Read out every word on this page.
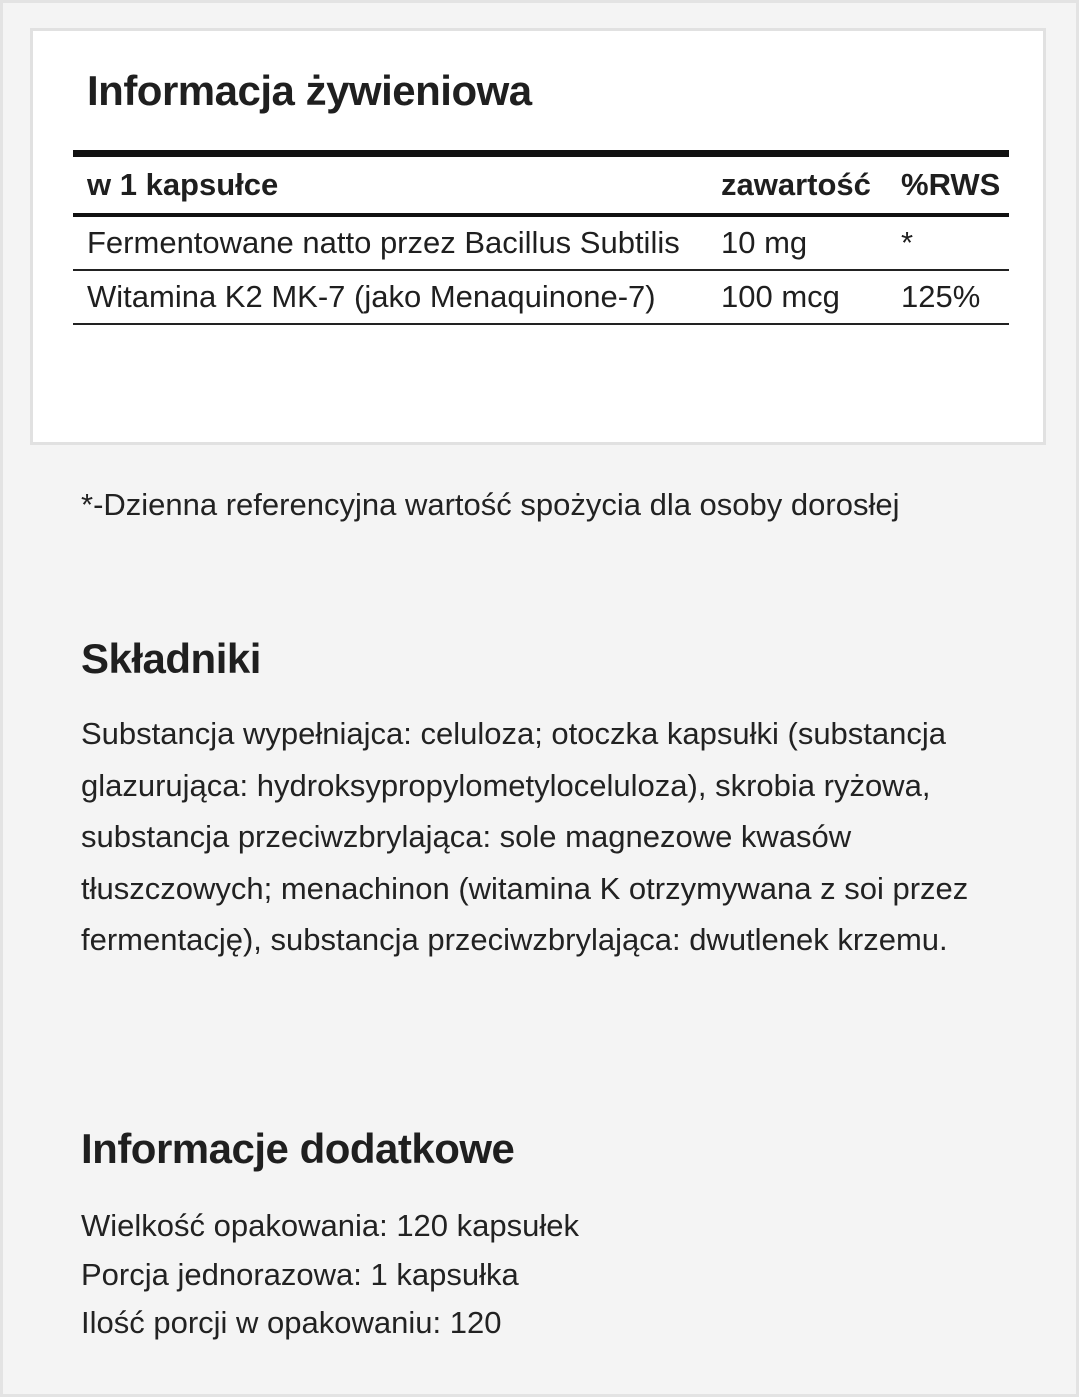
Informacja żywieniowa
w 1 kapsułce	zawartość	%RWS
Fermentowane natto przez Bacillus Subtilis	10 mg	*
Witamina K2 MK-7 (jako Menaquinone-7)	100 mcg	125%

*-Dzienna referencyjna wartość spożycia dla osoby dorosłej

Składniki

Substancja wypełniajca: celuloza; otoczka kapsułki (substancja glazurująca: hydroksypropylometyloceluloza), skrobia ryżowa, substancja przeciwzbrylająca: sole magnezowe kwasów tłuszczowych; menachinon (witamina K otrzymywana z soi przez fermentację), substancja przeciwzbrylająca: dwutlenek krzemu.

Informacje dodatkowe
Wielkość opakowania: 120 kapsułek
Porcja jednorazowa: 1 kapsułka
Ilość porcji w opakowaniu: 120
